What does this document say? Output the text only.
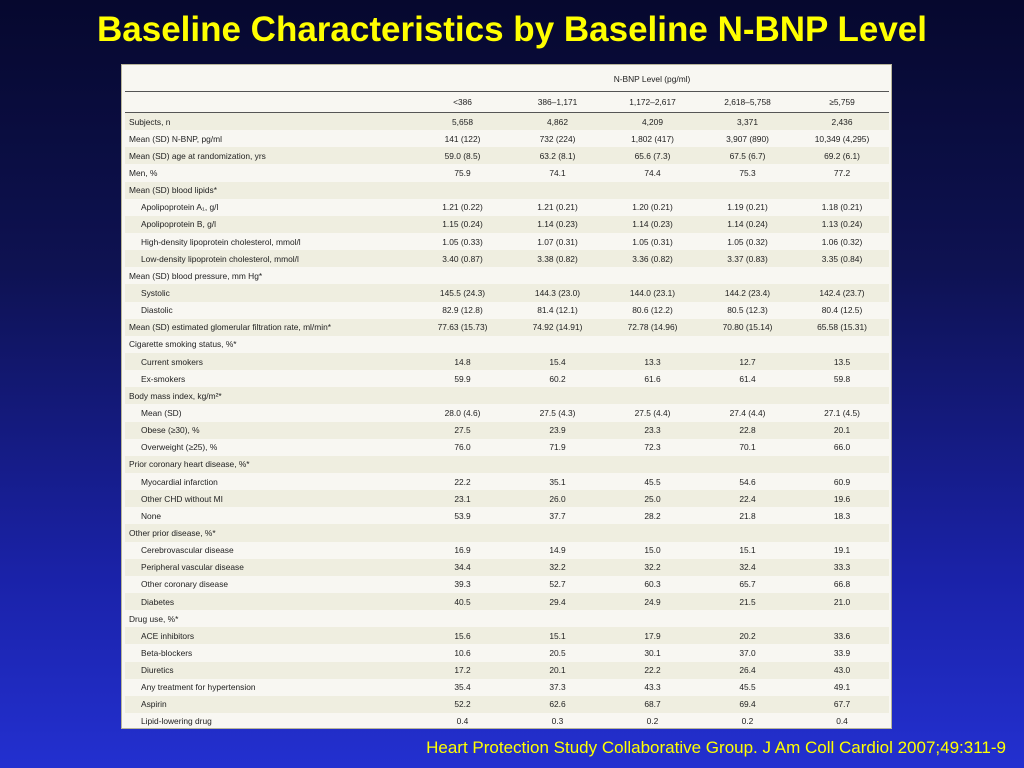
Baseline Characteristics by Baseline N-BNP Level
	N-BNP Level (pg/ml)				
	<386	386–1,171	1,172–2,617	2,618–5,758	≥5,759
Subjects, n	5,658	4,862	4,209	3,371	2,436
Mean (SD) N-BNP, pg/ml	141 (122)	732 (224)	1,802 (417)	3,907 (890)	10,349 (4,295)
Mean (SD) age at randomization, yrs	59.0 (8.5)	63.2 (8.1)	65.6 (7.3)	67.5 (6.7)	69.2 (6.1)
Men, %	75.9	74.1	74.4	75.3	77.2
Mean (SD) blood lipids*					
Apolipoprotein A₁, g/l	1.21 (0.22)	1.21 (0.21)	1.20 (0.21)	1.19 (0.21)	1.18 (0.21)
Apolipoprotein B, g/l	1.15 (0.24)	1.14 (0.23)	1.14 (0.23)	1.14 (0.24)	1.13 (0.24)
High-density lipoprotein cholesterol, mmol/l	1.05 (0.33)	1.07 (0.31)	1.05 (0.31)	1.05 (0.32)	1.06 (0.32)
Low-density lipoprotein cholesterol, mmol/l	3.40 (0.87)	3.38 (0.82)	3.36 (0.82)	3.37 (0.83)	3.35 (0.84)
Mean (SD) blood pressure, mm Hg*					
Systolic	145.5 (24.3)	144.3 (23.0)	144.0 (23.1)	144.2 (23.4)	142.4 (23.7)
Diastolic	82.9 (12.8)	81.4 (12.1)	80.6 (12.2)	80.5 (12.3)	80.4 (12.5)
Mean (SD) estimated glomerular filtration rate, ml/min*	77.63 (15.73)	74.92 (14.91)	72.78 (14.96)	70.80 (15.14)	65.58 (15.31)
Cigarette smoking status, %*					
Current smokers	14.8	15.4	13.3	12.7	13.5
Ex-smokers	59.9	60.2	61.6	61.4	59.8
Body mass index, kg/m²*					
Mean (SD)	28.0 (4.6)	27.5 (4.3)	27.5 (4.4)	27.4 (4.4)	27.1 (4.5)
Obese (≥30), %	27.5	23.9	23.3	22.8	20.1
Overweight (≥25), %	76.0	71.9	72.3	70.1	66.0
Prior coronary heart disease, %*					
Myocardial infarction	22.2	35.1	45.5	54.6	60.9
Other CHD without MI	23.1	26.0	25.0	22.4	19.6
None	53.9	37.7	28.2	21.8	18.3
Other prior disease, %*					
Cerebrovascular disease	16.9	14.9	15.0	15.1	19.1
Peripheral vascular disease	34.4	32.2	32.2	32.4	33.3
Other coronary disease	39.3	52.7	60.3	65.7	66.8
Diabetes	40.5	29.4	24.9	21.5	21.0
Drug use, %*					
ACE inhibitors	15.6	15.1	17.9	20.2	33.6
Beta-blockers	10.6	20.5	30.1	37.0	33.9
Diuretics	17.2	20.1	22.2	26.4	43.0
Any treatment for hypertension	35.4	37.3	43.3	45.5	49.1
Aspirin	52.2	62.6	68.7	69.4	67.7
Lipid-lowering drug	0.4	0.3	0.2	0.2	0.4
Heart Protection Study Collaborative Group. J Am Coll Cardiol 2007;49:311-9
